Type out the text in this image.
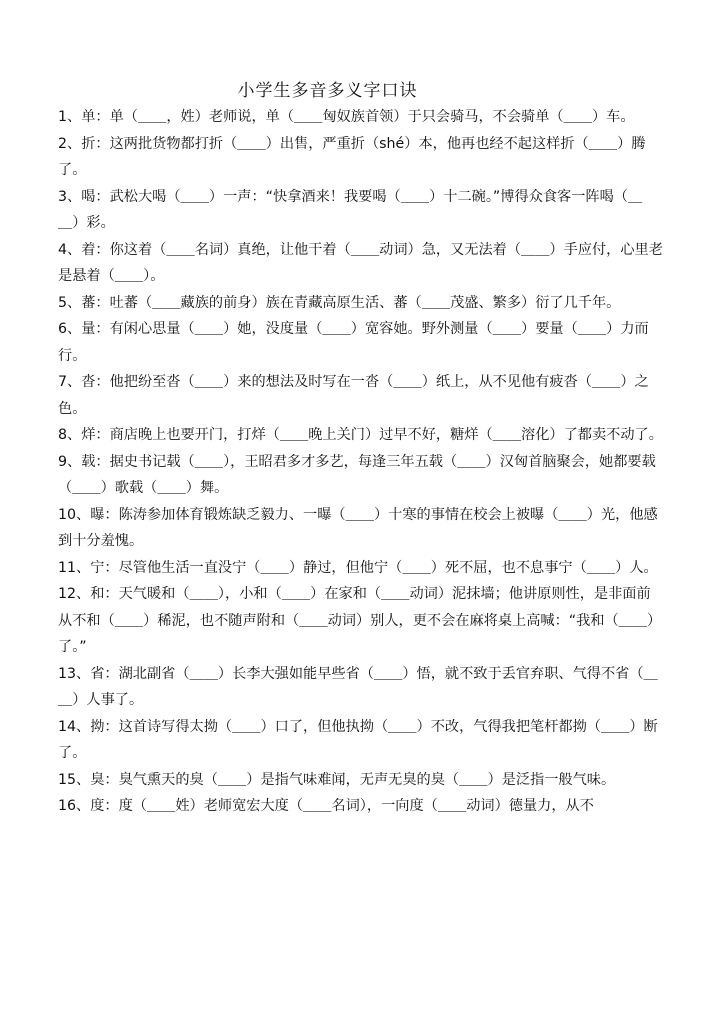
小学生多音多义字口诀

1、单：单（＿＿，姓）老师说，单（＿＿匈奴族首领）于只会骑马，不会骑单（＿＿）车。

2、折：这两批货物都打折（＿＿）出售，严重折（shé）本，他再也经不起这样折（＿＿）腾了。

3、喝：武松大喝（＿＿）一声：“快拿酒来！我要喝（＿＿）十二碗。”博得众食客一阵喝（＿＿）彩。

4、着：你这着（＿＿名词）真绝，让他干着（＿＿动词）急，又无法着（＿＿）手应付，心里老是悬着（＿＿）。

5、蕃：吐蕃（＿＿藏族的前身）族在青藏高原生活、蕃（＿＿茂盛、繁多）衍了几千年。

6、量：有闲心思量（＿＿）她，没度量（＿＿）宽容她。野外测量（＿＿）要量（＿＿）力而行。

7、沓：他把纷至沓（＿＿）来的想法及时写在一沓（＿＿）纸上，从不见他有疲沓（＿＿）之色。

8、烊：商店晚上也要开门，打烊（＿＿晚上关门）过早不好，糖烊（＿＿溶化）了都卖不动了。

9、载：据史书记载（＿＿），王昭君多才多艺，每逢三年五载（＿＿）汉匈首脑聚会，她都要载（＿＿）歌载（＿＿）舞。

10、曝：陈涛参加体育锻炼缺乏毅力、一曝（＿＿）十寒的事情在校会上被曝（＿＿）光，他感到十分羞愧。

11、宁：尽管他生活一直没宁（＿＿）静过，但他宁（＿＿）死不屈，也不息事宁（＿＿）人。

12、和：天气暖和（＿＿），小和（＿＿）在家和（＿＿动词）泥抹墙；他讲原则性，是非面前从不和（＿＿）稀泥，也不随声附和（＿＿动词）别人，更不会在麻将桌上高喊：“我和（＿＿）了。”

13、省：湖北副省（＿＿）长李大强如能早些省（＿＿）悟，就不致于丢官弃职、气得不省（＿＿）人事了。

14、拗：这首诗写得太拗（＿＿）口了，但他执拗（＿＿）不改，气得我把笔杆都拗（＿＿）断了。

15、臭：臭气熏天的臭（＿＿）是指气味难闻，无声无臭的臭（＿＿）是泛指一般气味。

16、度：度（＿＿姓）老师宽宏大度（＿＿名词），一向度（＿＿动词）德量力，从不
